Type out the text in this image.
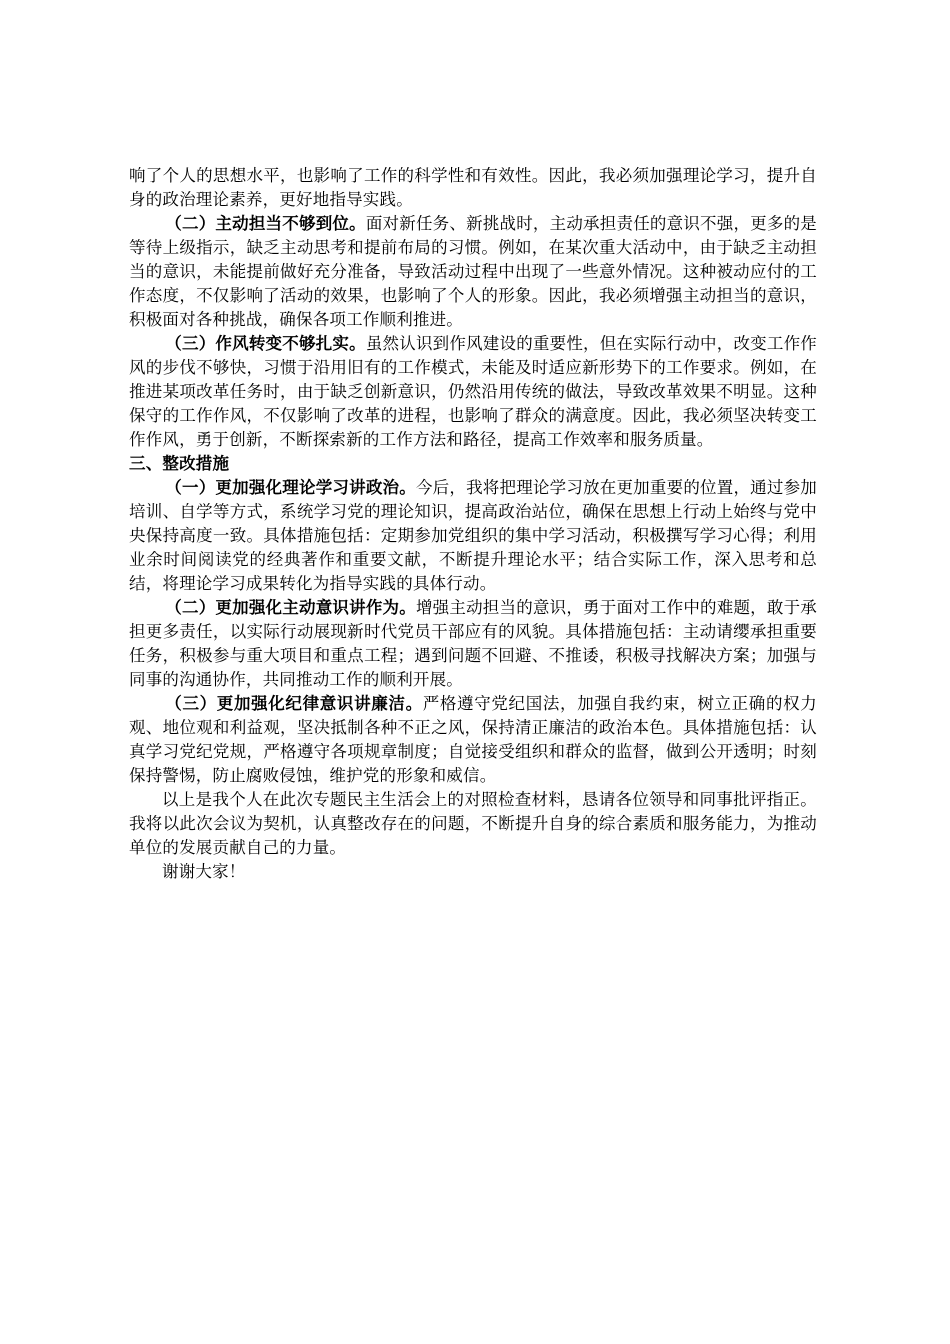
响了个人的思想水平，也影响了工作的科学性和有效性。因此，我必须加强理论学习，提升自身的政治理论素养，更好地指导实践。

（二）主动担当不够到位。面对新任务、新挑战时，主动承担责任的意识不强，更多的是等待上级指示，缺乏主动思考和提前布局的习惯。例如，在某次重大活动中，由于缺乏主动担当的意识，未能提前做好充分准备，导致活动过程中出现了一些意外情况。这种被动应付的工作态度，不仅影响了活动的效果，也影响了个人的形象。因此，我必须增强主动担当的意识，积极面对各种挑战，确保各项工作顺利推进。

（三）作风转变不够扎实。虽然认识到作风建设的重要性，但在实际行动中，改变工作作风的步伐不够快，习惯于沿用旧有的工作模式，未能及时适应新形势下的工作要求。例如，在推进某项改革任务时，由于缺乏创新意识，仍然沿用传统的做法，导致改革效果不明显。这种保守的工作作风，不仅影响了改革的进程，也影响了群众的满意度。因此，我必须坚决转变工作作风，勇于创新，不断探索新的工作方法和路径，提高工作效率和服务质量。

三、整改措施

（一）更加强化理论学习讲政治。今后，我将把理论学习放在更加重要的位置，通过参加培训、自学等方式，系统学习党的理论知识，提高政治站位，确保在思想上行动上始终与党中央保持高度一致。具体措施包括：定期参加党组织的集中学习活动，积极撰写学习心得；利用业余时间阅读党的经典著作和重要文献，不断提升理论水平；结合实际工作，深入思考和总结，将理论学习成果转化为指导实践的具体行动。

（二）更加强化主动意识讲作为。增强主动担当的意识，勇于面对工作中的难题，敢于承担更多责任，以实际行动展现新时代党员干部应有的风貌。具体措施包括：主动请缨承担重要任务，积极参与重大项目和重点工程；遇到问题不回避、不推诿，积极寻找解决方案；加强与同事的沟通协作，共同推动工作的顺利开展。

（三）更加强化纪律意识讲廉洁。严格遵守党纪国法，加强自我约束，树立正确的权力观、地位观和利益观，坚决抵制各种不正之风，保持清正廉洁的政治本色。具体措施包括：认真学习党纪党规，严格遵守各项规章制度；自觉接受组织和群众的监督，做到公开透明；时刻保持警惕，防止腐败侵蚀，维护党的形象和威信。

以上是我个人在此次专题民主生活会上的对照检查材料，恳请各位领导和同事批评指正。我将以此次会议为契机，认真整改存在的问题，不断提升自身的综合素质和服务能力，为推动单位的发展贡献自己的力量。

谢谢大家！
